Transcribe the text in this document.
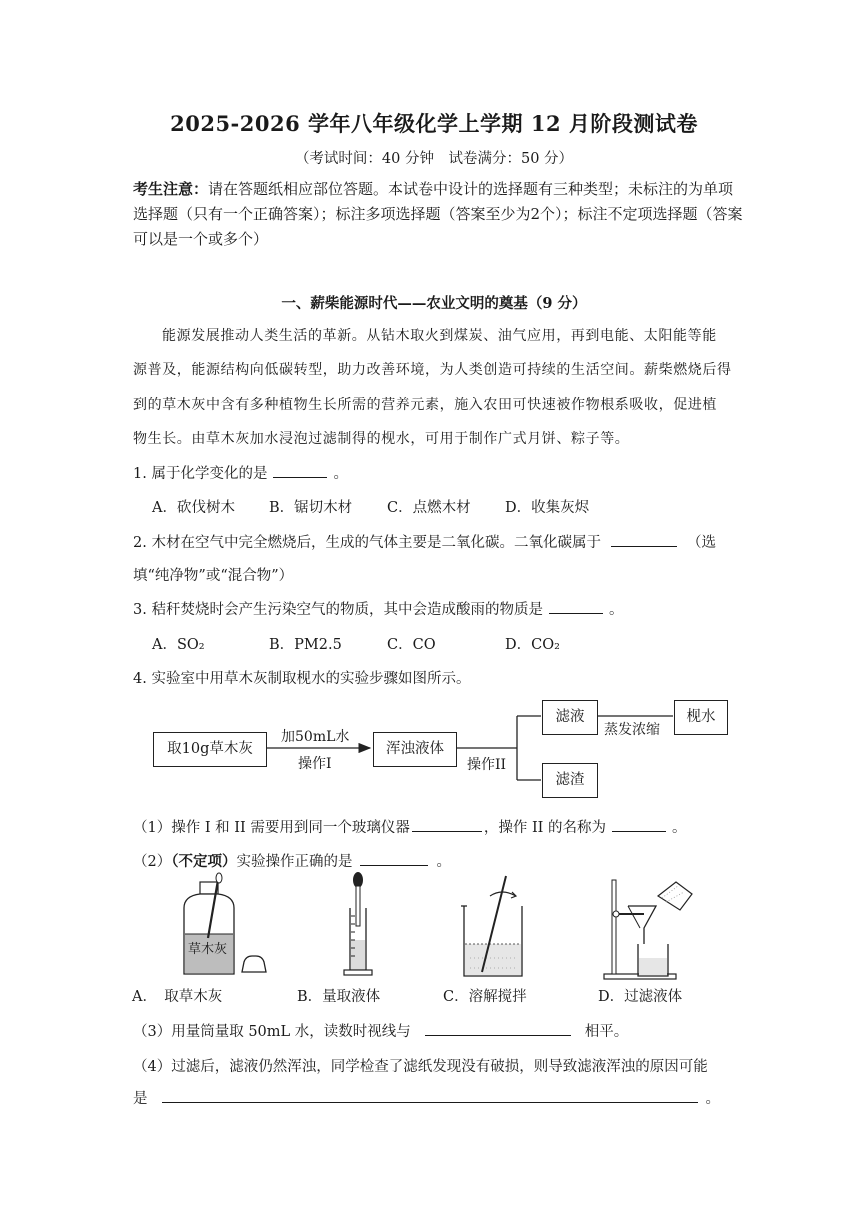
2025-2026 学年八年级化学上学期 12 月阶段测试卷
（考试时间：40 分钟　试卷满分：50 分）
考生注意：请在答题纸相应部位答题。本试卷中设计的选择题有三种类型；未标注的为单项选择题（只有一个正确答案）；标注多项选择题（答案至少为2个）；标注不定项选择题（答案可以是一个或多个）
一、薪柴能源时代——农业文明的奠基（9 分）
能源发展推动人类生活的革新。从钻木取火到煤炭、油气应用，再到电能、太阳能等能
源普及，能源结构向低碳转型，助力改善环境，为人类创造可持续的生活空间。薪柴燃烧后得
到的草木灰中含有多种植物生长所需的营养元素，施入农田可快速被作物根系吸收，促进植
物生长。由草木灰加水浸泡过滤制得的枧水，可用于制作广式月饼、粽子等。
1. 属于化学变化的是	。
A．砍伐树木 B．锯切木材 C．点燃木材 D．收集灰烬
2. 木材在空气中完全燃烧后，生成的气体主要是二氧化碳。二氧化碳属于	（选
填“纯净物”或“混合物”）
3. 秸秆焚烧时会产生污染空气的物质，其中会造成酸雨的物质是	。
A．SO₂	B．PM2.5	C．CO	D．CO₂
4. 实验室中用草木灰制取枧水的实验步骤如图所示。
取10g草木灰
加50mL水
操作I
浑浊液体
操作II
滤液
蒸发浓缩
枧水
滤渣
（1）操作 I 和 II 需要用到同一个玻璃仪器	，操作 II 的名称为	。
（2）（不定项）实验操作正确的是	。
草木灰
A．　取草木灰	B．量取液体	C．溶解搅拌	D．过滤液体
（3）用量筒量取 50mL 水，读数时视线与	相平。
（4）过滤后，滤液仍然浑浊，同学检查了滤纸发现没有破损，则导致滤液浑浊的原因可能
是	。
